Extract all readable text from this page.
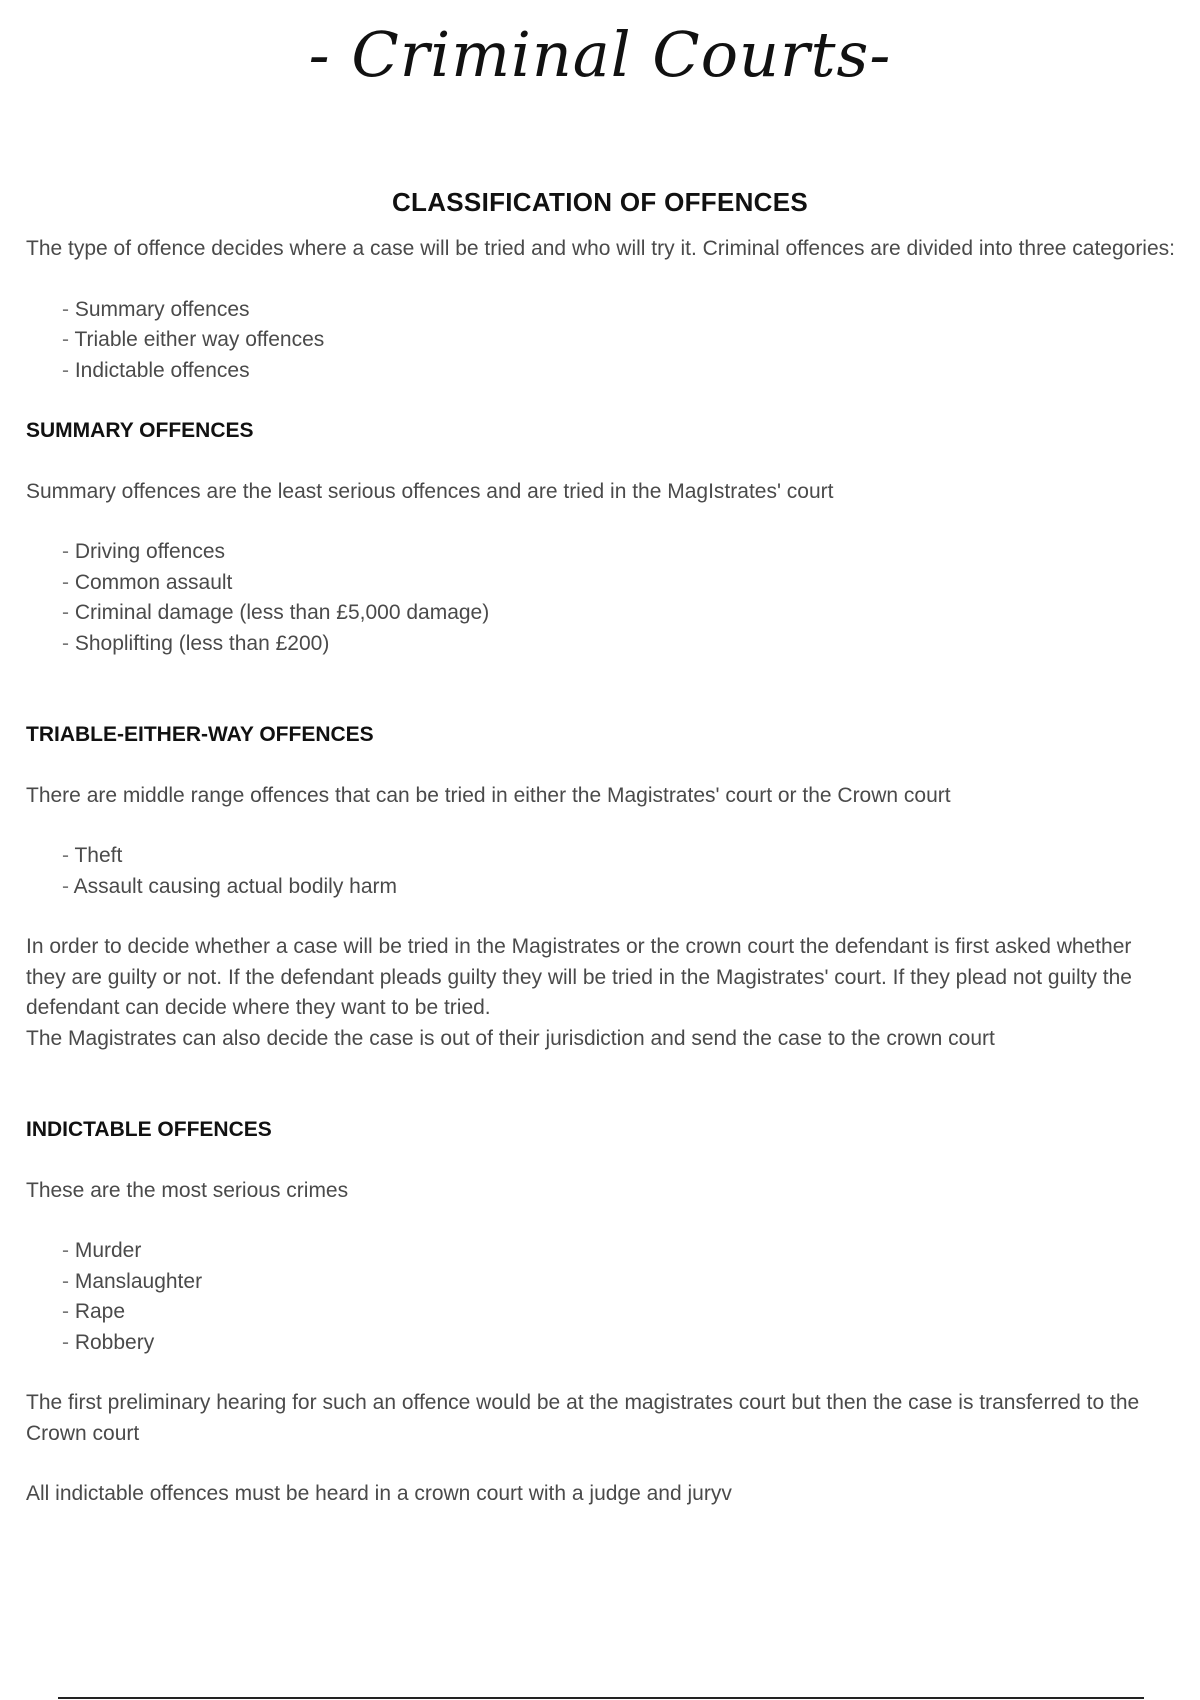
- Criminal Courts-
CLASSIFICATION OF OFFENCES

The type of offence decides where a case will be tried and who will try it. Criminal offences are divided into three categories:

- Summary offences
- Triable either way offences
- Indictable offences
SUMMARY OFFENCES

Summary offences are the least serious offences and are tried in the MagIstrates' court

- Driving offences
- Common assault
- Criminal damage (less than £5,000 damage)
- Shoplifting (less than £200)
TRIABLE-EITHER-WAY OFFENCES

There are middle range offences that can be tried in either the Magistrates' court or the Crown court

- Theft
- Assault causing actual bodily harm

In order to decide whether a case will be tried in the Magistrates or the crown court the defendant is first asked whether they are guilty or not. If the defendant pleads guilty they will be tried in the Magistrates' court. If they plead not guilty the defendant can decide where they want to be tried.

The Magistrates can also decide the case is out of their jurisdiction and send the case to the crown court

INDICTABLE OFFENCES

These are the most serious crimes

- Murder
- Manslaughter
- Rape
- Robbery

The first preliminary hearing for such an offence would be at the magistrates court but then the case is transferred to the Crown court

All indictable offences must be heard in a crown court with a judge and juryv
